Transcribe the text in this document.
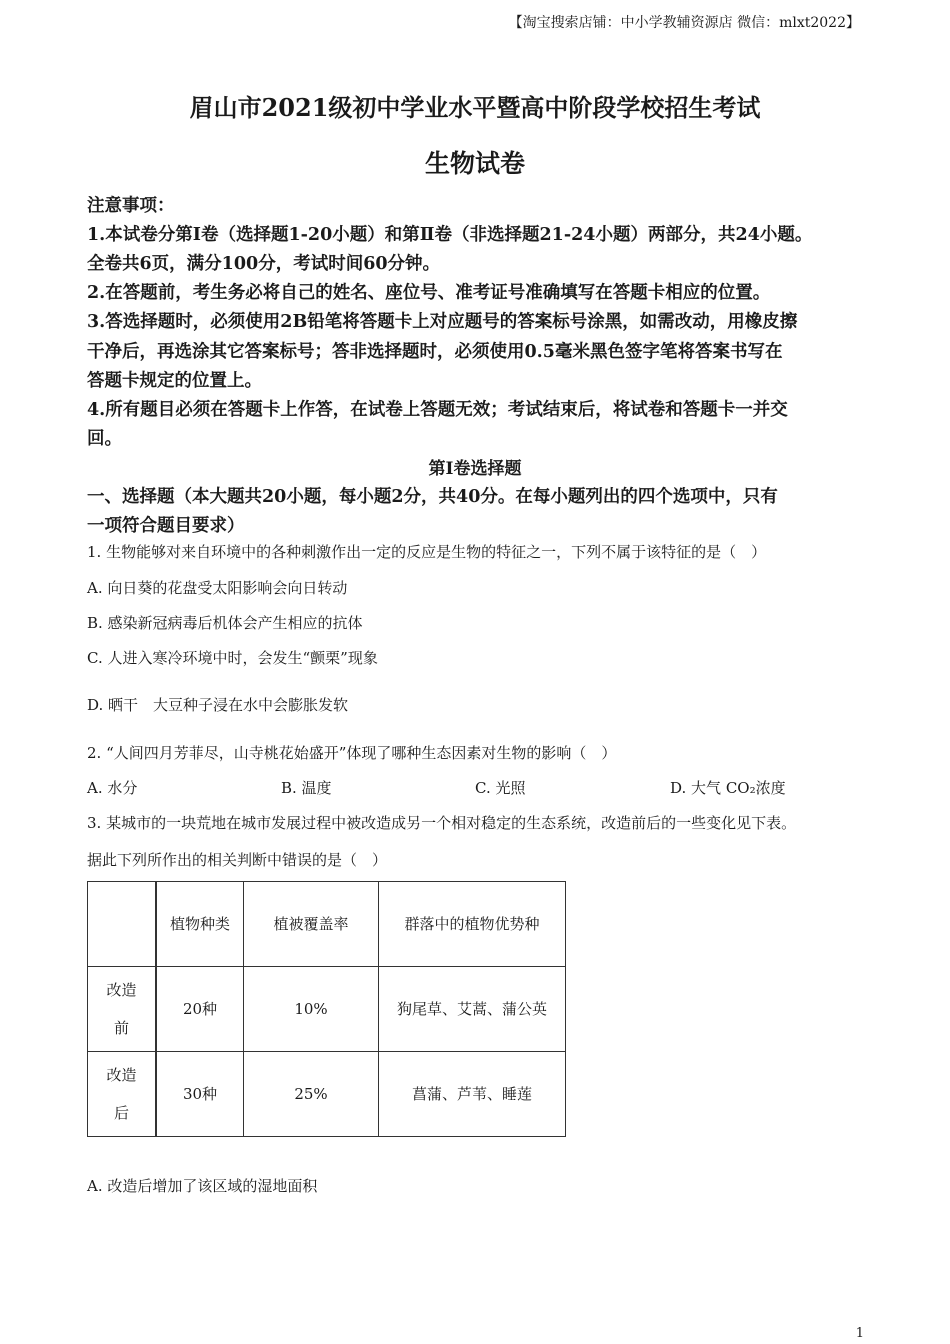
【淘宝搜索店铺：中小学教辅资源店 微信：mlxt2022】
眉山市2021级初中学业水平暨高中阶段学校招生考试
生物试卷
注意事项：
1.本试卷分第Ⅰ卷（选择题1-20小题）和第Ⅱ卷（非选择题21-24小题）两部分，共24小题。
全卷共6页，满分100分，考试时间60分钟。
2.在答题前，考生务必将自己的姓名、座位号、准考证号准确填写在答题卡相应的位置。
3.答选择题时，必须使用2B铅笔将答题卡上对应题号的答案标号涂黑，如需改动，用橡皮擦
干净后，再选涂其它答案标号；答非选择题时，必须使用0.5毫米黑色签字笔将答案书写在
答题卡规定的位置上。
4.所有题目必须在答题卡上作答，在试卷上答题无效；考试结束后，将试卷和答题卡一并交
回。
第Ⅰ卷选择题
一、选择题（本大题共20小题，每小题2分，共40分。在每小题列出的四个选项中，只有
一项符合题目要求）
1. 生物能够对来自环境中的各种刺激作出一定的反应是生物的特征之一，下列不属于该特征的是（　）
A. 向日葵的花盘受太阳影响会向日转动
B. 感染新冠病毒后机体会产生相应的抗体
C. 人进入寒冷环境中时，会发生“颤栗”现象
D. 晒干　大豆种子浸在水中会膨胀发软
2. “人间四月芳菲尽，山寺桃花始盛开”体现了哪种生态因素对生物的影响（　）
A. 水分	B. 温度	C. 光照	D. 大气 CO₂浓度
3. 某城市的一块荒地在城市发展过程中被改造成另一个相对稳定的生态系统，改造前后的一些变化见下表。
据此下列所作出的相关判断中错误的是（　）
	植物种类	植被覆盖率	群落中的植物优势种
改造前	20种	10%	狗尾草、艾蒿、蒲公英
改造后	30种	25%	菖蒲、芦苇、睡莲
A. 改造后增加了该区域的湿地面积
1
